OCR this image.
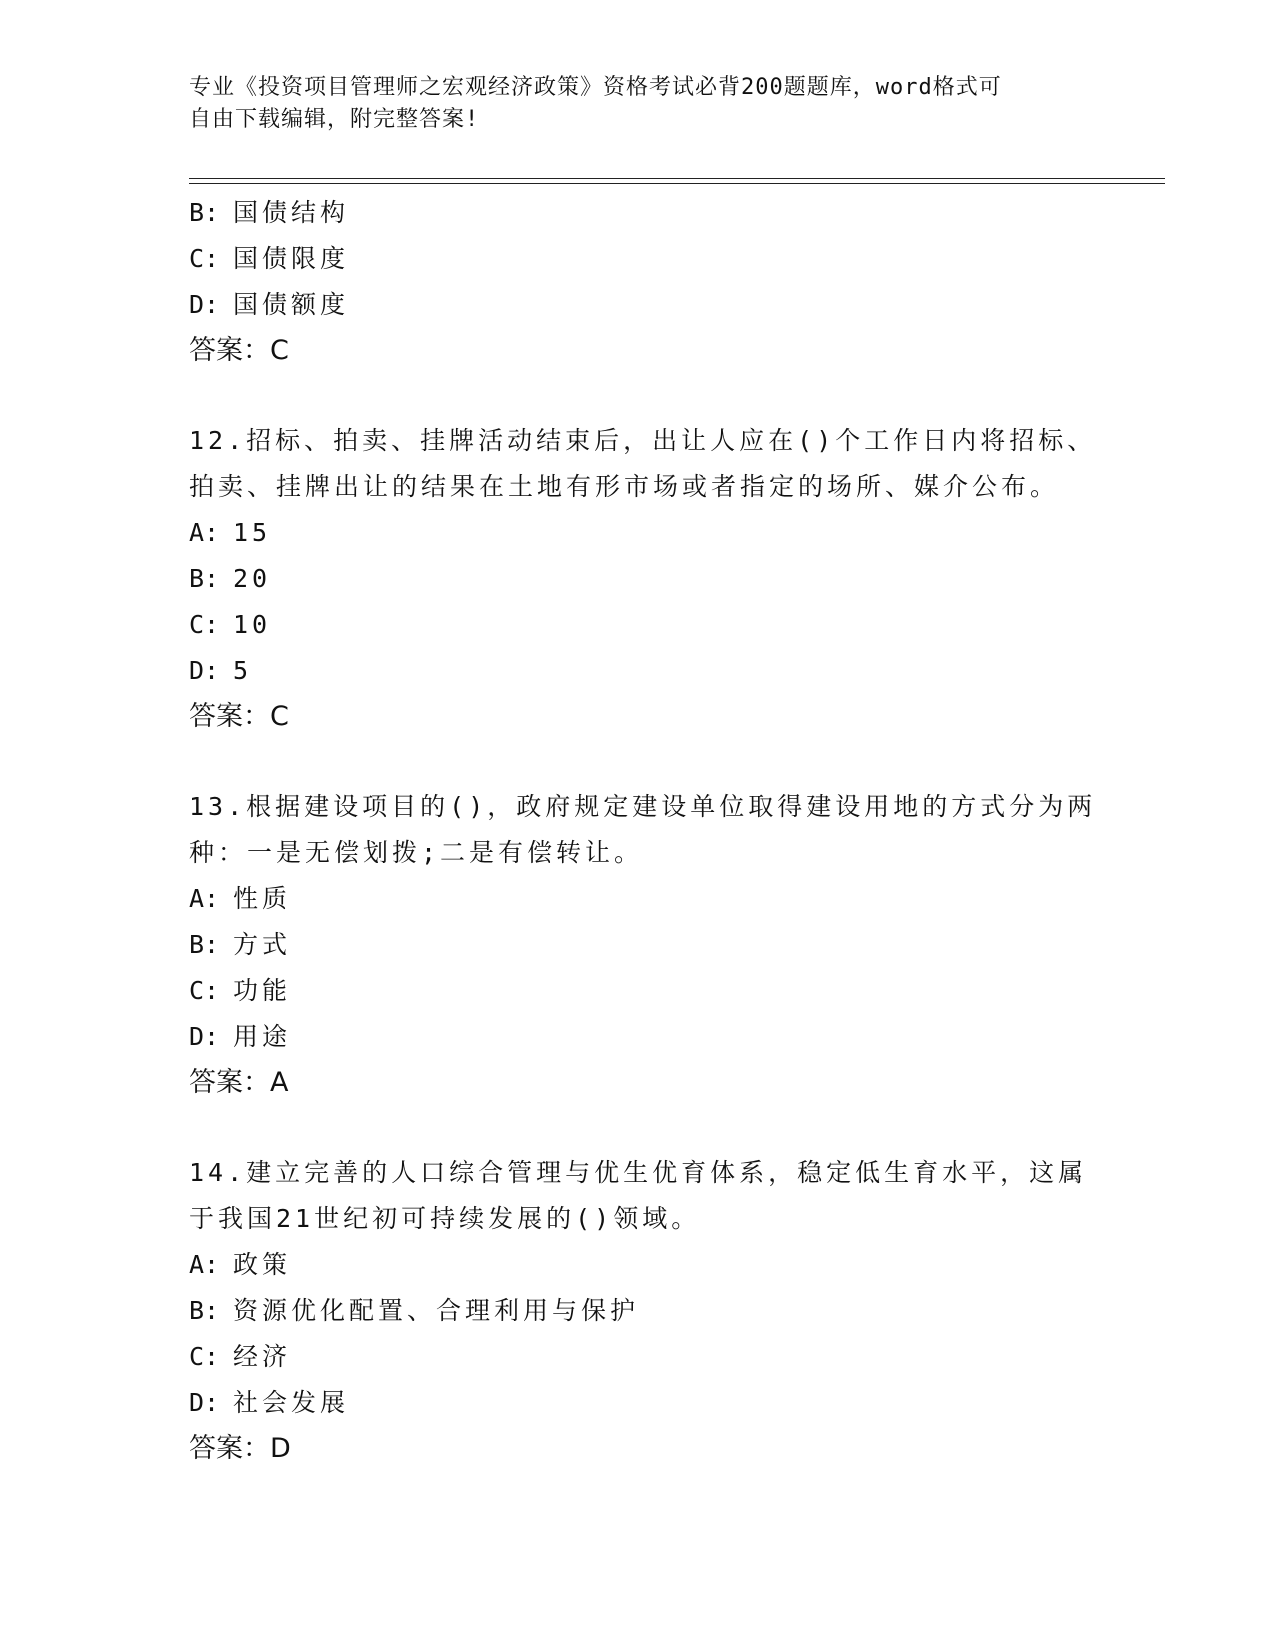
专业《投资项目管理师之宏观经济政策》资格考试必背200题题库，word格式可
自由下载编辑，附完整答案!
B: 国债结构
C: 国债限度
D: 国债额度
答案：C
12.招标、拍卖、挂牌活动结束后，出让人应在()个工作日内将招标、
拍卖、挂牌出让的结果在土地有形市场或者指定的场所、媒介公布。
A: 15
B: 20
C: 10
D: 5
答案：C
13.根据建设项目的()，政府规定建设单位取得建设用地的方式分为两
种：一是无偿划拨;二是有偿转让。
A: 性质
B: 方式
C: 功能
D: 用途
答案：A
14.建立完善的人口综合管理与优生优育体系，稳定低生育水平，这属
于我国21世纪初可持续发展的()领域。
A: 政策
B: 资源优化配置、合理利用与保护
C: 经济
D: 社会发展
答案：D
